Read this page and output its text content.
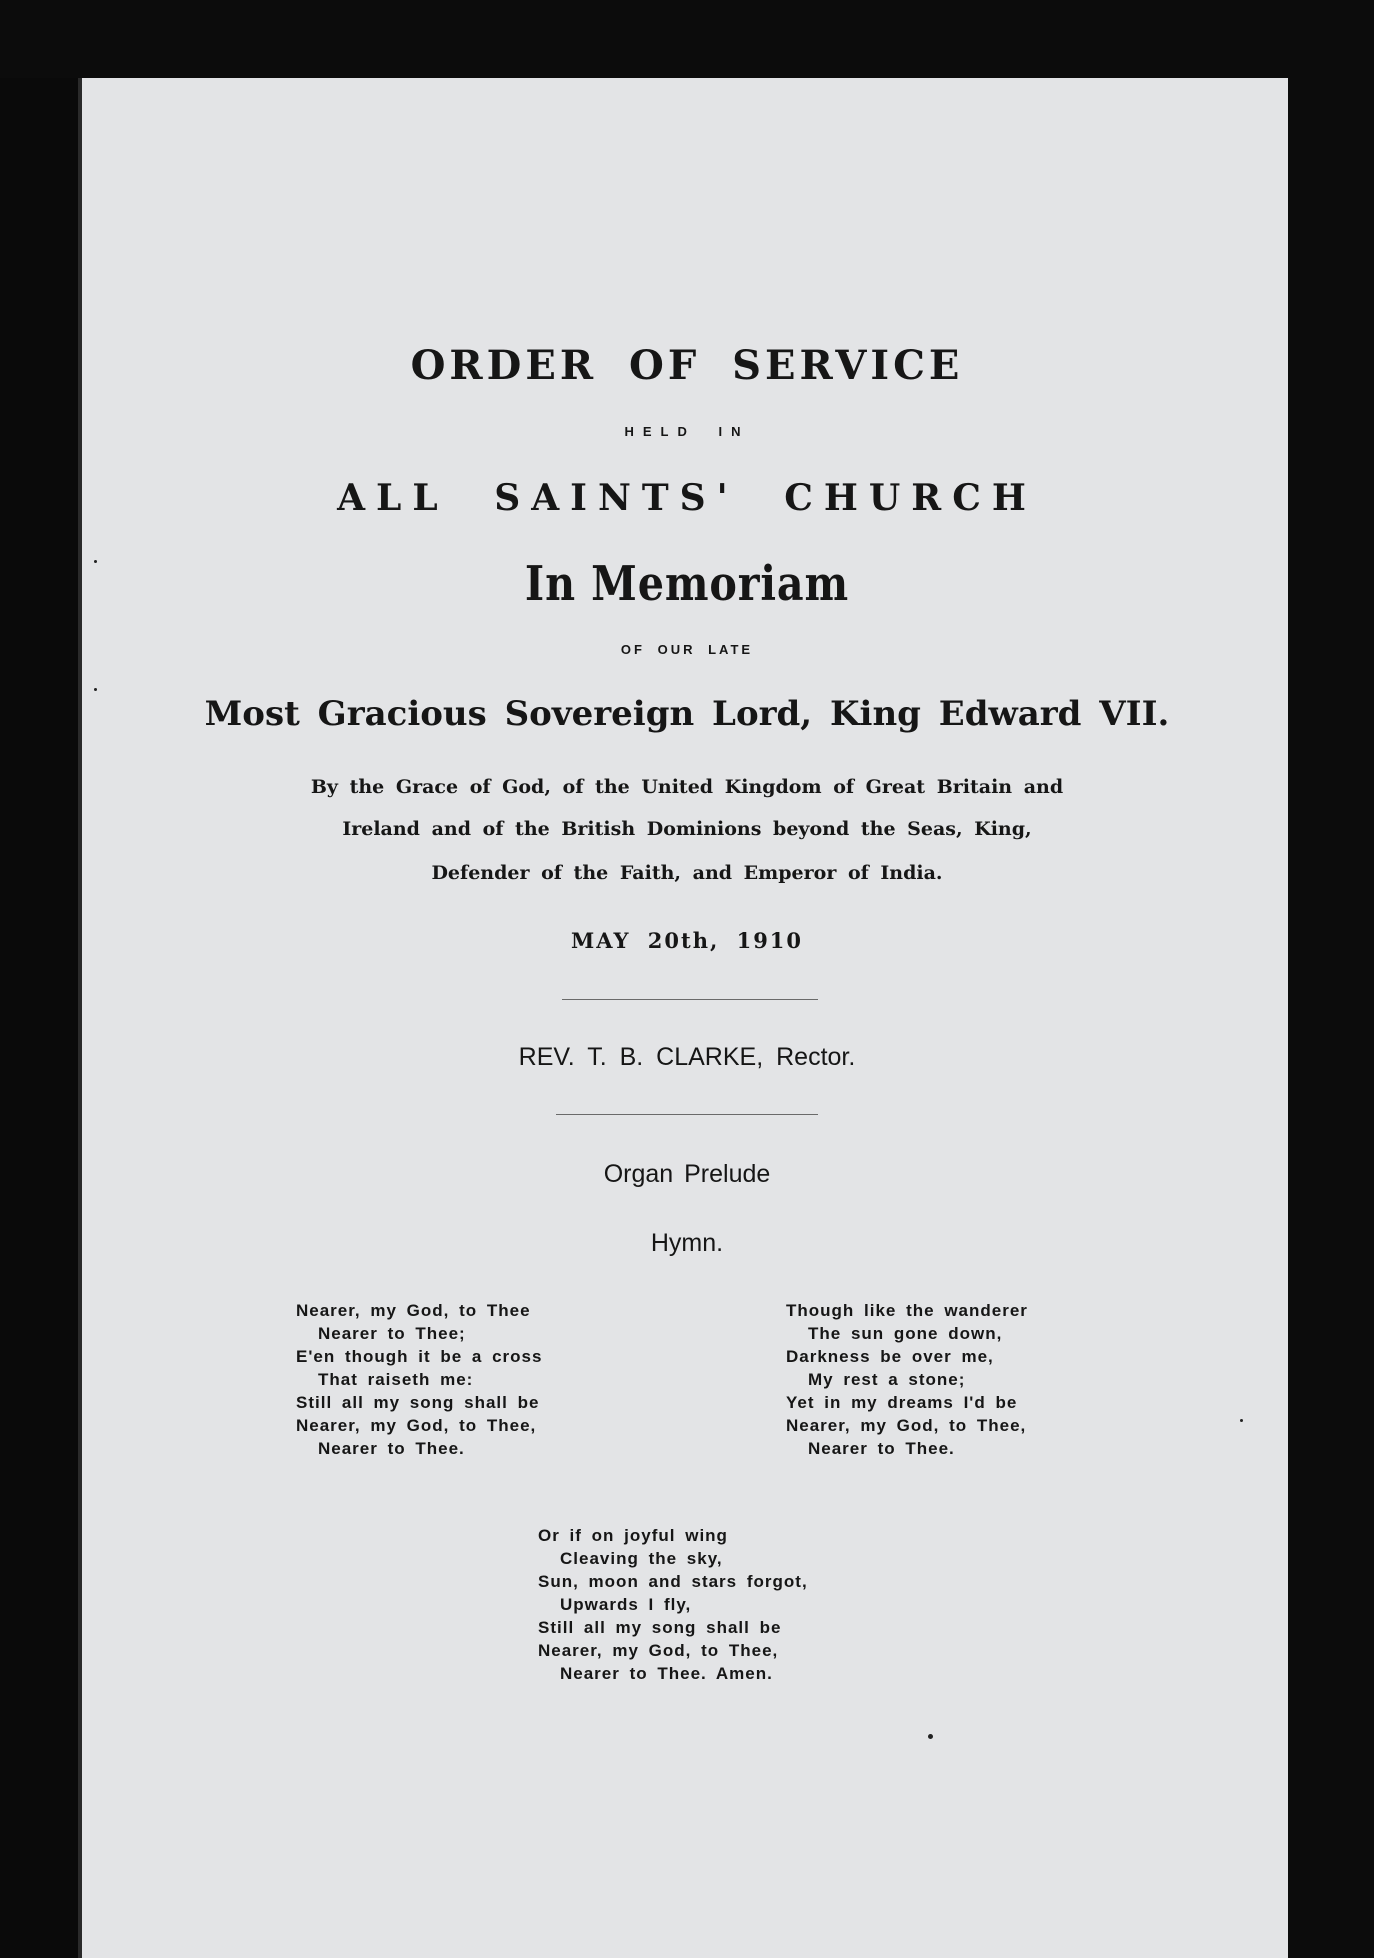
ORDER OF SERVICE
HELD IN
ALL SAINTS' CHURCH
In Memoriam
OF OUR LATE
Most Gracious Sovereign Lord, King Edward VII.
By the Grace of God, of the United Kingdom of Great Britain and
Ireland and of the British Dominions beyond the Seas, King,
Defender of the Faith, and Emperor of India.
MAY 20th, 1910
REV. T. B. CLARKE, Rector.
Organ Prelude
Hymn.
Nearer, my God, to Thee
Nearer to Thee;
E'en though it be a cross
That raiseth me:
Still all my song shall be
Nearer, my God, to Thee,
Nearer to Thee.
Though like the wanderer
The sun gone down,
Darkness be over me,
My rest a stone;
Yet in my dreams I'd be
Nearer, my God, to Thee,
Nearer to Thee.
Or if on joyful wing
Cleaving the sky,
Sun, moon and stars forgot,
Upwards I fly,
Still all my song shall be
Nearer, my God, to Thee,
Nearer to Thee. Amen.
